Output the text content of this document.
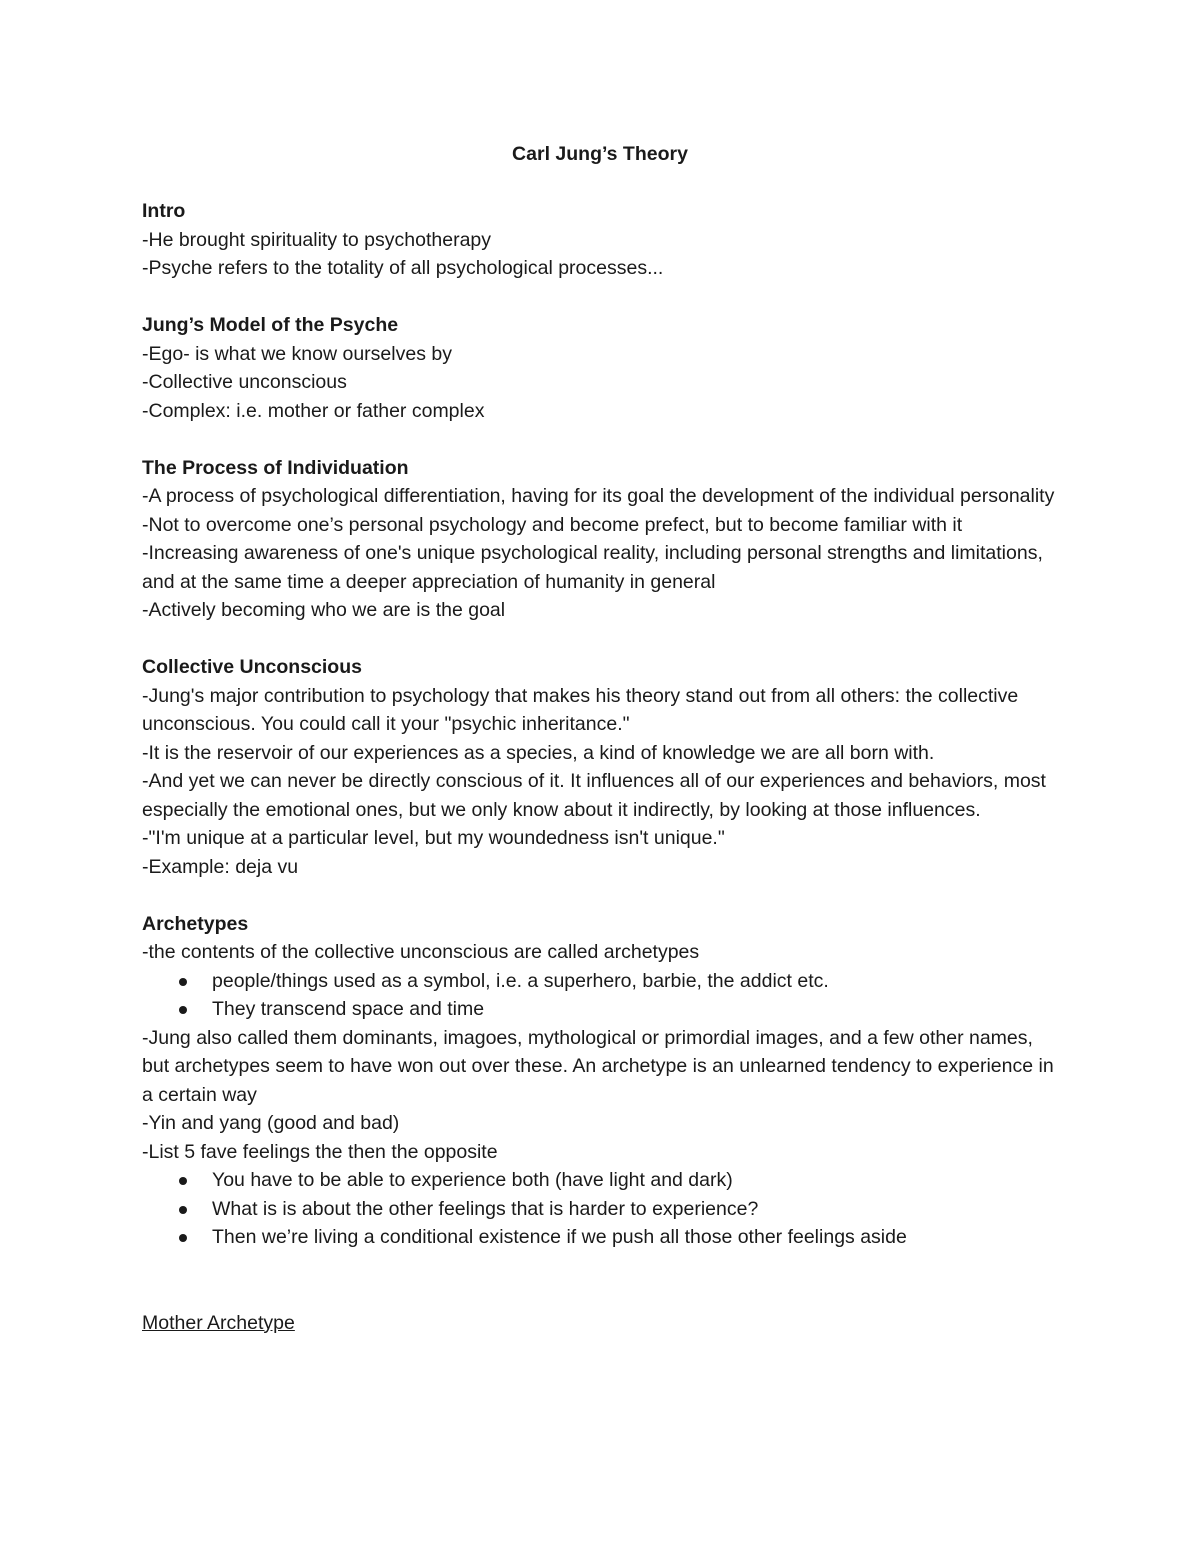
Carl Jung’s Theory

Intro

-He brought spirituality to psychotherapy

-Psyche refers to the totality of all psychological processes...

Jung’s Model of the Psyche

-Ego- is what we know ourselves by

-Collective unconscious

-Complex: i.e. mother or father complex

The Process of Individuation

-A process of psychological differentiation, having for its goal the development of the individual personality

-Not to overcome one’s personal psychology and become prefect, but to become familiar with it

-Increasing awareness of one's unique psychological reality, including personal strengths and limitations, and at the same time a deeper appreciation of humanity in general

-Actively becoming who we are is the goal

Collective Unconscious

-Jung's major contribution to psychology that makes his theory stand out from all others: the collective unconscious. You could call it your "psychic inheritance."

-It is the reservoir of our experiences as a species, a kind of knowledge we are all born with.

-And yet we can never be directly conscious of it. It influences all of our experiences and behaviors, most especially the emotional ones, but we only know about it indirectly, by looking at those influences.

-"I'm unique at a particular level, but my woundedness isn't unique."

-Example: deja vu

Archetypes

-the contents of the collective unconscious are called archetypes

people/things used as a symbol, i.e. a superhero, barbie, the addict etc.
They transcend space and time

-Jung also called them dominants, imagoes, mythological or primordial images, and a few other names, but archetypes seem to have won out over these. An archetype is an unlearned tendency to experience in a certain way

-Yin and yang (good and bad)

-List 5 fave feelings the then the opposite

You have to be able to experience both (have light and dark)
What is is about the other feelings that is harder to experience?
Then we’re living a conditional existence if we push all those other feelings aside

Mother Archetype
